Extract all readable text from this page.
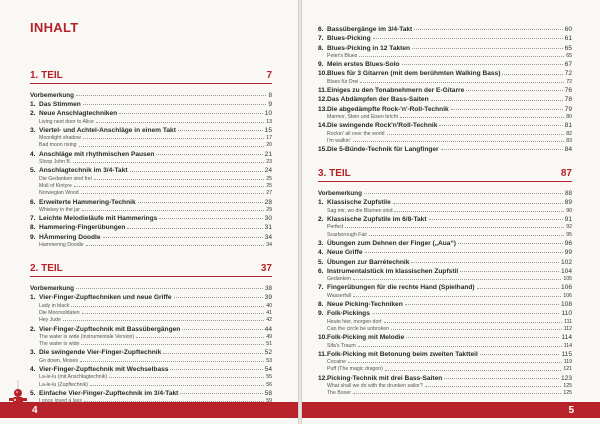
INHALT
1. TEIL	7
Vorbemerkung	8
1. Das Stimmen	9
2. Neue Anschlagtechniken	10
Living next door to Alice	13
3. Viertel- und Achtel-Anschläge in einem Takt	15
Moonlight shadow	17
Bad moon rising	20
4. Anschläge mit rhythmischen Pausen	21
Sloop John B.	23
5. Anschlagtechnik im 3/4-Takt	24
Die Gedanken sind frei	25
Mull of Kintyre	25
Norwegian Wood	27
6. Erweiterte Hammering-Technik	28
Whiskey in the jar	29
7. Leichte Melodieläufe mit Hammerings	30
8. Hammering-Fingerübungen	31
9. HÄmmering Doodle	34
Hammering Doodle	34
2. TEIL	37
Vorbemerkung	38
1. Vier-Finger-Zupftechniken und neue Griffe	39
Lady in black	40
Die Moorsoldaten	41
Hey Jude	42
2. Vier-Finger-Zupftechnik mit Bassübergängen	44
The water is wide (instrumentale Version)	49
The water is wide	51
3. Die swingende Vier-Finger-Zupftechnik	52
Go down, Moses	53
4. Vier-Finger-Zupftechnik mit Wechselbass	54
La-le-lu (mit Anschlagtechnik)	55
La-le-lu (Zupftechnik)	56
5. Einfache Vier-Finger-Zupftechnik im 3/4-Takt	58
4
6. Bassübergänge im 3/4-Takt	60
7. Blues-Picking	61
8. Blues-Picking in 12 Takten	65
Peter's Blues	65
9. Mein erstes Blues-Solo	67
10. Blues für 3 Gitarren (mit dem berühmten Walking Bass)	72
Blues für Drei	72
11. Einiges zu den Tonabnehmern der E-Gitarre	76
12. Das Abdämpfen der Bass-Saiten	78
13. Die abgedämpfte Rock-'n'-Roll-Technik	79
Marmor, Stein und Eisen bricht	80
14. Die swingende Rock'n'Roll-Technik	81
Rockin' all over the world	82
I'm walkin'	83
15. Die 5-Bünde-Technik für Langfinger	84
3. TEIL	87
Vorbemerkung	88
1. Klassische Zupfstile	89
Sag mir, wo die Blumen sind	90
2. Klassische Zupfstile im 6/8-Takt	91
Perfect	92
Scarborough Fair	95
3. Übungen zum Dehnen der Finger („Aua“)	96
4. Neue Griffe	99
5. Übungen zur Barrétechnik	102
6. Instrumentalstück im klassischen Zupfstil	104
Gedanken	105
7. Fingerübungen für die rechte Hand (Spielhand)	106
Wasserfall	106
8. Neue Picking-Techniken	108
9. Folk-Pickings	110
Heute hier, morgen dort	111
Can the circle be unbroken	112
10. Folk-Picking mit Melodie	114
Sifa's Traum	114
11. Folk-Picking mit Betonung beim zweiten Taktteil	115
Cocaine	119
Puff (The magic dragon)	121
12. Picking-Technik mit drei Bass-Saiten	123
What shall we do with the drunken sailor?	125
The Boxer	125
5
